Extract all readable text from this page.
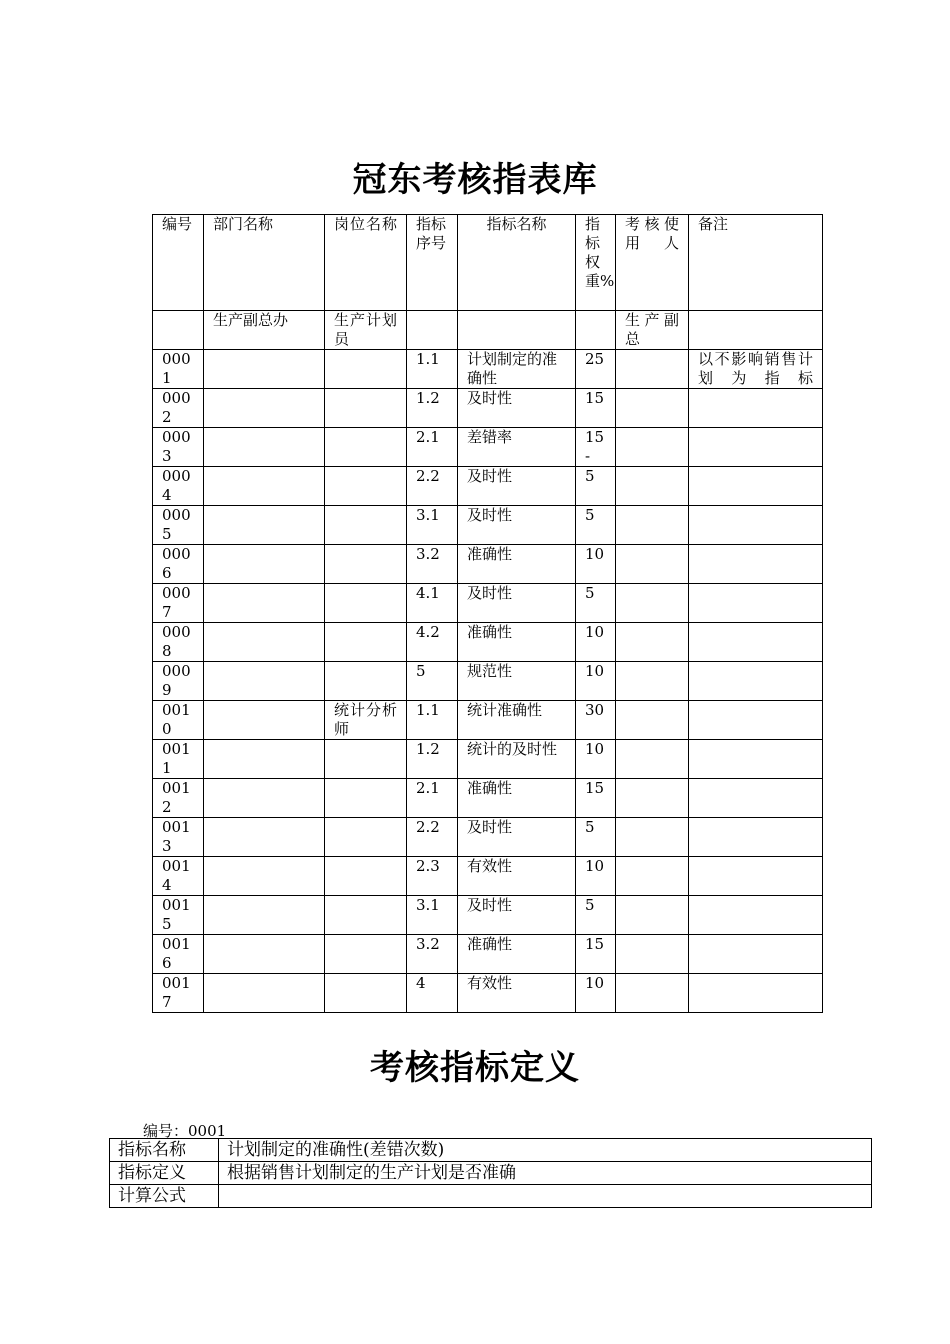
冠东考核指表库
编号	部门名称	岗位名称	指标序号	指标名称	指标权重%	考核使用人	备注
	生产副总办	生产计划员				生产副总	
0001			1.1	计划制定的准确性	25		以不影响销售计划为指标
0002			1.2	及时性	15		
0003			2.1	差错率	15-		
0004			2.2	及时性	5		
0005			3.1	及时性	5		
0006			3.2	准确性	10		
0007			4.1	及时性	5		
0008			4.2	准确性	10		
0009			5	规范性	10		
0010		统计分析师	1.1	统计准确性	30		
0011			1.2	统计的及时性	10		
0012			2.1	准确性	15		
0013			2.2	及时性	5		
0014			2.3	有效性	10		
0015			3.1	及时性	5		
0016			3.2	准确性	15		
0017			4	有效性	10		
考核指标定义
编号：0001
指标名称	计划制定的准确性(差错次数)
指标定义	根据销售计划制定的生产计划是否准确
计算公式	
